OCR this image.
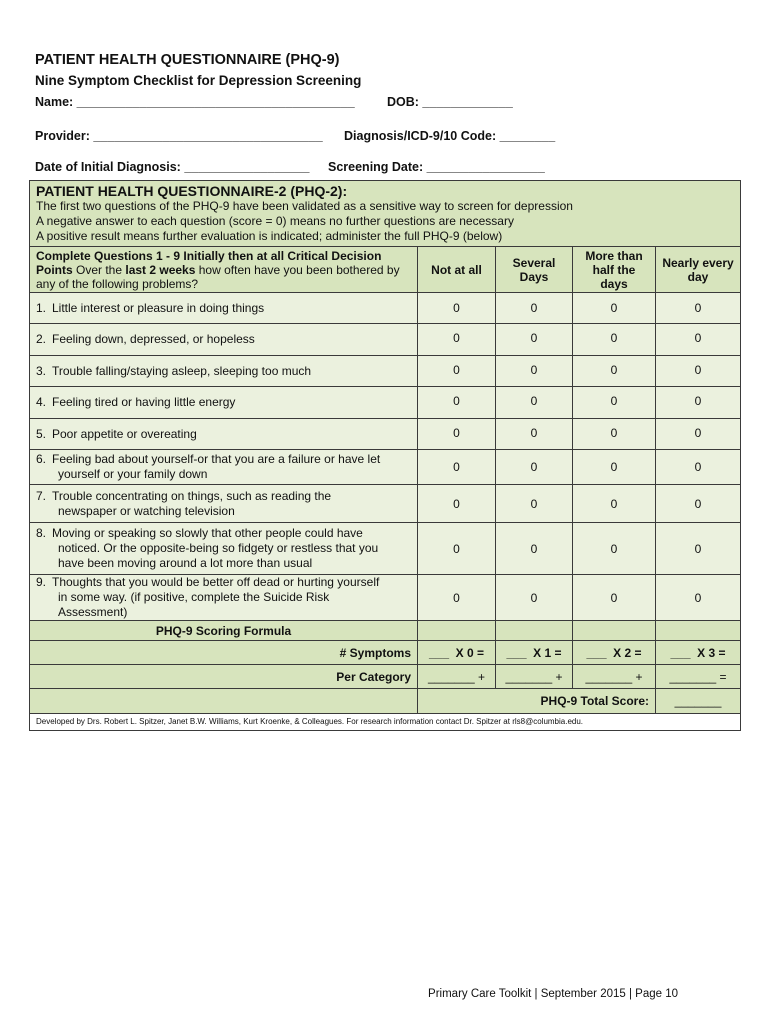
PATIENT HEALTH QUESTIONNAIRE (PHQ-9)
Nine Symptom Checklist for Depression Screening
Name: ________________________________________	DOB: _____________
Provider: _________________________________ Diagnosis/ICD-9/10 Code: ________
Date of Initial Diagnosis: __________________ Screening Date: _________________
PATIENT HEALTH QUESTIONNAIRE-2 (PHQ-2):
The first two questions of the PHQ-9 have been validated as a sensitive way to screen for depression
A negative answer to each question (score = 0) means no further questions are necessary
A positive result means further evaluation is indicated; administer the full PHQ-9 (below)				

Complete Questions 1 - 9 Initially then at all Critical Decision Points Over the last 2 weeks how often have you been bothered by any of the following problems?	Not at all	Several Days	More than half the days	Nearly every day
1. Little interest or pleasure in doing things	0	0	0	0
2. Feeling down, depressed, or hopeless	0	0	0	0
3. Trouble falling/staying asleep, sleeping too much	0	0	0	0
4. Feeling tired or having little energy	0	0	0	0
5. Poor appetite or overeating	0	0	0	0
6. Feeling bad about yourself-or that you are a failure or have let
yourself or your family down	0	0	0	0
7. Trouble concentrating on things, such as reading the
newspaper or watching television	0	0	0	0
8. Moving or speaking so slowly that other people could have
noticed. Or the opposite-being so fidgety or restless that you
have been moving around a lot more than usual	0	0	0	0
9. Thoughts that you would be better off dead or hurting yourself
in some way. (if positive, complete the Suicide Risk
Assessment)	0	0	0	0
PHQ-9 Scoring Formula				
# Symptoms	___  X 0 =	___  X 1 =	___  X 2 =	___  X 3 =
Per Category	_______ +	_______ +	_______ +	_______ =
	PHQ-9 Total Score:			_______
Developed by Drs. Robert L. Spitzer, Janet B.W. Williams, Kurt Kroenke, & Colleagues. For research information contact Dr. Spitzer at rls8@columbia.edu.				
Primary Care Toolkit | September 2015 | Page 10
